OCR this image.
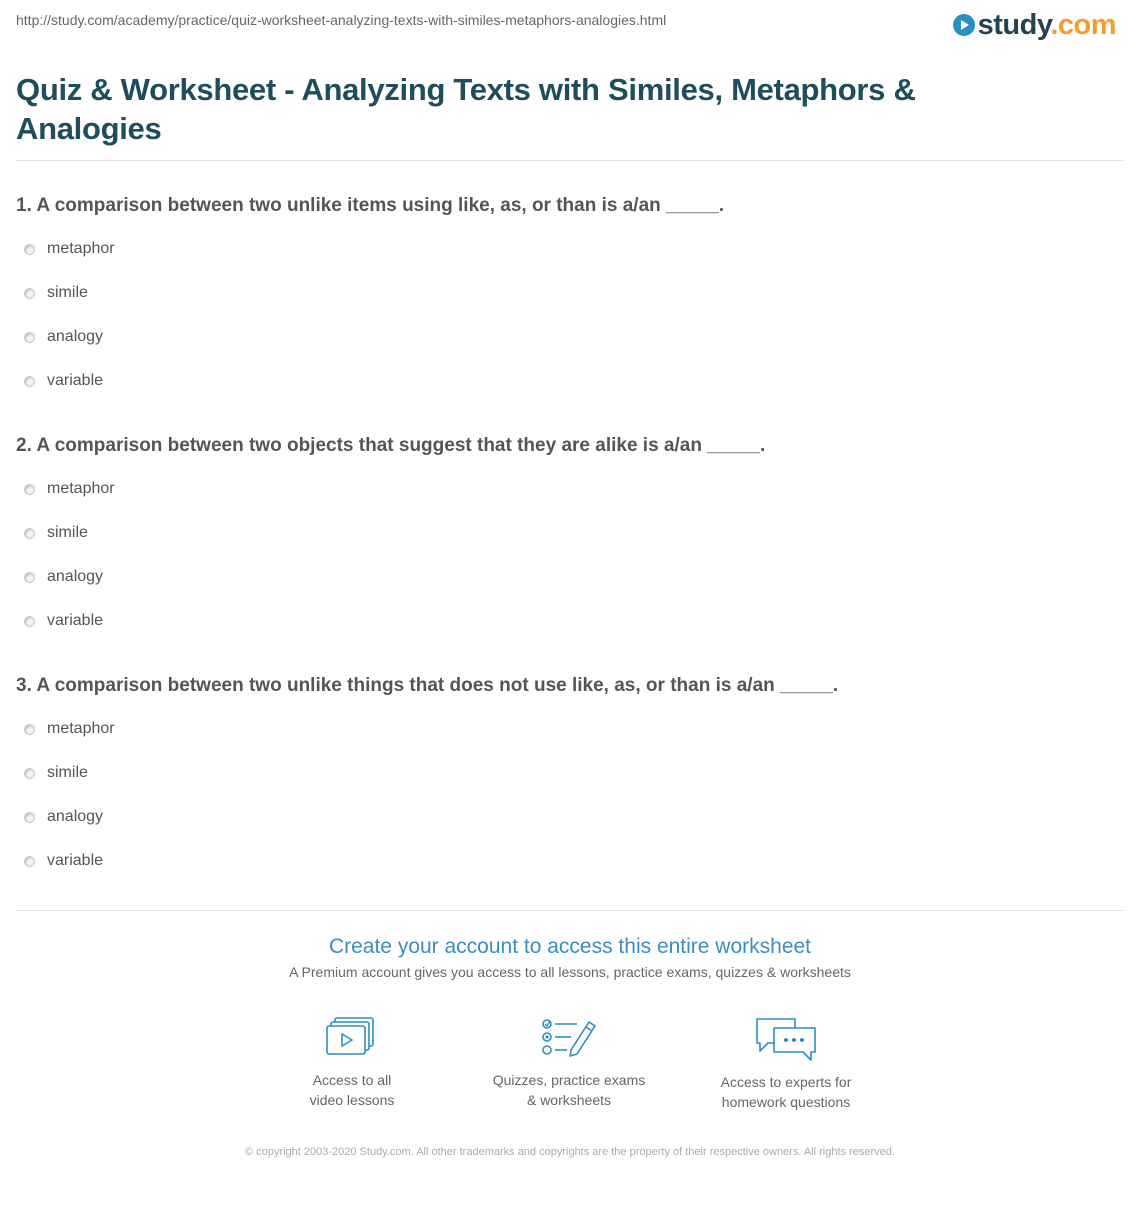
http://study.com/academy/practice/quiz-worksheet-analyzing-texts-with-similes-metaphors-analogies.html	study.com
Quiz & Worksheet - Analyzing Texts with Similes, Metaphors & Analogies
1. A comparison between two unlike items using like, as, or than is a/an _____.
metaphor
simile
analogy
variable
2. A comparison between two objects that suggest that they are alike is a/an _____.
metaphor
simile
analogy
variable
3. A comparison between two unlike things that does not use like, as, or than is a/an _____.
metaphor
simile
analogy
variable
Create your account to access this entire worksheet
A Premium account gives you access to all lessons, practice exams, quizzes & worksheets
Access to all
video lessons
Quizzes, practice exams
& worksheets
Access to experts for
homework questions
© copyright 2003-2020 Study.com. All other trademarks and copyrights are the property of their respective owners. All rights reserved.
